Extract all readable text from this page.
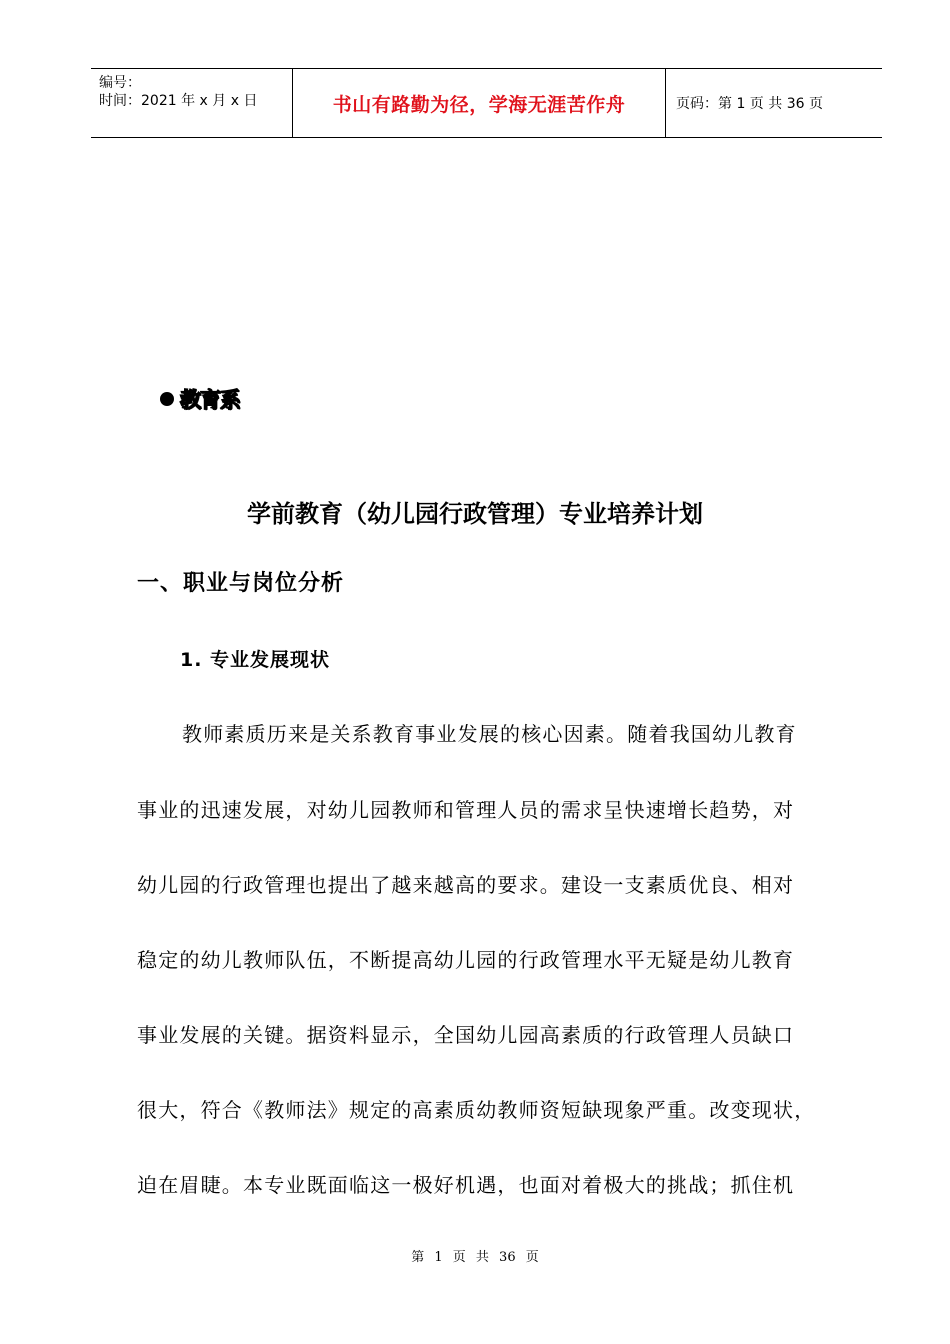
编号：
时间：2021 年 x 月 x 日	书山有路勤为径，学海无涯苦作舟	页码：第 1 页 共 36 页
教育系
学前教育（幼儿园行政管理）专业培养计划
一、职业与岗位分析
1. 专业发展现状
教师素质历来是关系教育事业发展的核心因素。随着我国幼儿教育
事业的迅速发展，对幼儿园教师和管理人员的需求呈快速增长趋势，对
幼儿园的行政管理也提出了越来越高的要求。建设一支素质优良、相对
稳定的幼儿教师队伍，不断提高幼儿园的行政管理水平无疑是幼儿教育
事业发展的关键。据资料显示，全国幼儿园高素质的行政管理人员缺口
很大，符合《教师法》规定的高素质幼教师资短缺现象严重。改变现状，
迫在眉睫。本专业既面临这一极好机遇，也面对着极大的挑战；抓住机
第 1 页 共 36 页
